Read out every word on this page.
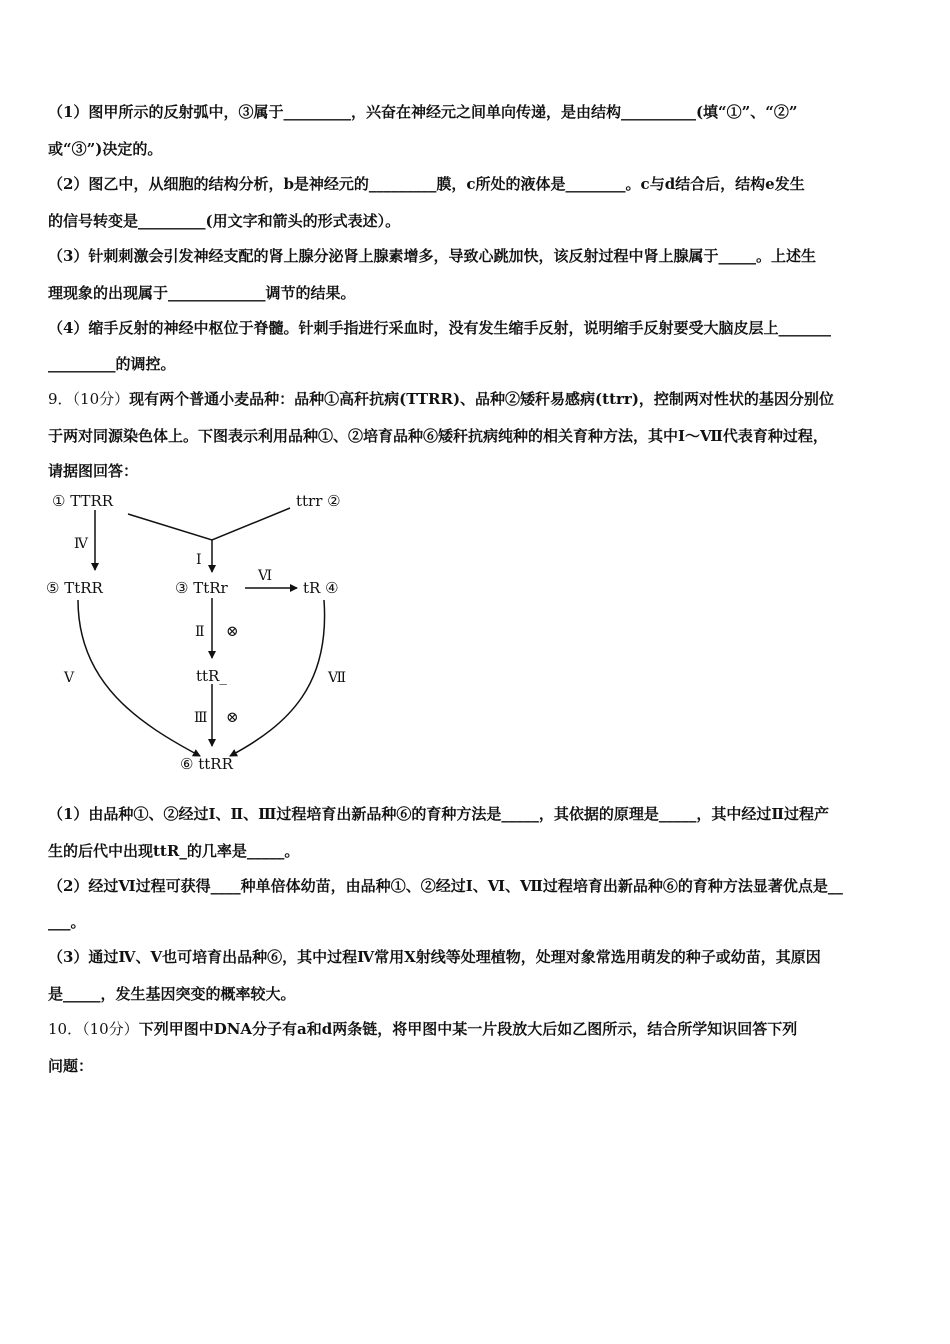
（1）图甲所示的反射弧中，③属于_________，兴奋在神经元之间单向传递，是由结构__________(填“①”、“②”
或“③”)决定的。
（2）图乙中，从细胞的结构分析，b是神经元的_________膜，c所处的液体是________。c与d结合后，结构e发生
的信号转变是_________(用文字和箭头的形式表述）。
（3）针刺刺激会引发神经支配的肾上腺分泌肾上腺素增多，导致心跳加快，该反射过程中肾上腺属于_____。上述生
理现象的出现属于_____________调节的结果。
（4）缩手反射的神经中枢位于脊髓。针刺手指进行采血时，没有发生缩手反射，说明缩手反射要受大脑皮层上_______
_________的调控。
9．（10分）现有两个普通小麦品种：品种①高秆抗病(TTRR)、品种②矮秆易感病(ttrr)，控制两对性状的基因分别位
于两对同源染色体上。下图表示利用品种①、②培育品种⑥矮秆抗病纯种的相关育种方法，其中Ⅰ～Ⅶ代表育种过程，
请据图回答：
① TTRR	ttrr ②
⑤ TtRR	③ TtRr	tR ④
ttR_
⑥ ttRR
Ⅳ
Ⅰ
Ⅵ
Ⅱ ⊗
Ⅲ ⊗
Ⅴ	Ⅶ
（1）由品种①、②经过Ⅰ、Ⅱ、Ⅲ过程培育出新品种⑥的育种方法是_____，其依据的原理是_____，其中经过Ⅱ过程产
生的后代中出现ttR_的几率是_____。
（2）经过Ⅵ过程可获得____种单倍体幼苗，由品种①、②经过Ⅰ、Ⅵ、Ⅶ过程培育出新品种⑥的育种方法显著优点是__
___。
（3）通过Ⅳ、Ⅴ也可培育出品种⑥，其中过程Ⅳ常用X射线等处理植物，处理对象常选用萌发的种子或幼苗，其原因
是_____，发生基因突变的概率较大。
10．（10分）下列甲图中DNA分子有a和d两条链，将甲图中某一片段放大后如乙图所示，结合所学知识回答下列
问题：
